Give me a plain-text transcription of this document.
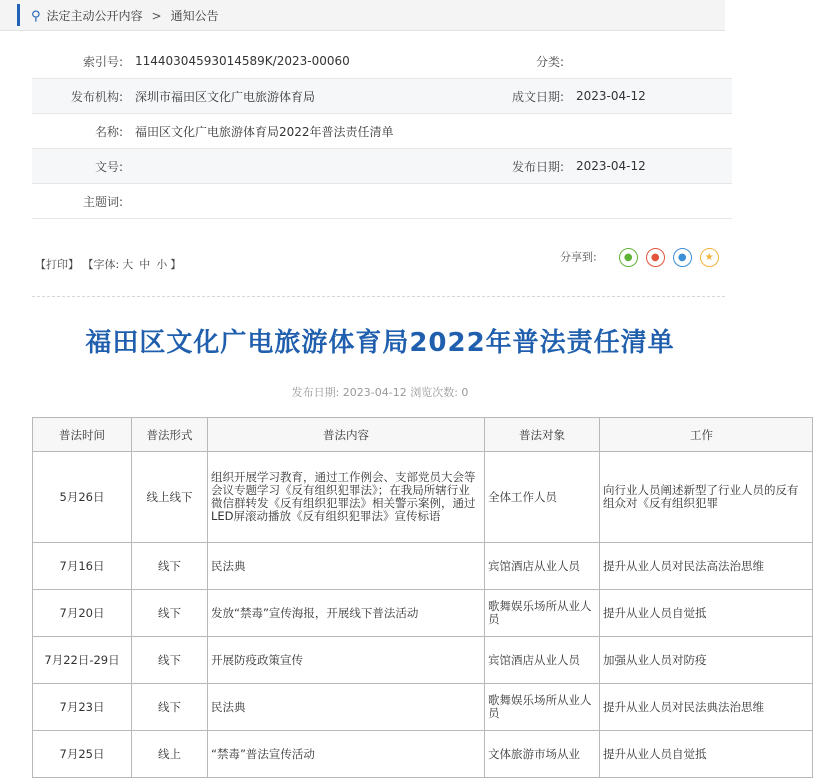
⚲ 法定主动公开内容 > 通知公告
索引号:	11440304593014589K/2023-00060	分类:	
发布机构:	深圳市福田区文化广电旅游体育局	成文日期:	2023-04-12
名称:	福田区文化广电旅游体育局2022年普法责任清单		
文号:		发布日期:	2023-04-12
主题词:			
【打印】 【字体: 大 中 小 】
分享到:	● ● ● ★
福田区文化广电旅游体育局2022年普法责任清单
发布日期: 2023-04-12 浏览次数: 0
普法时间	普法形式	普法内容	普法对象	工作
5月26日	线上线下	组织开展学习教育，通过工作例会、支部党员大会等会议专题学习《反有组织犯罪法》；在我局所辖行业微信群转发《反有组织犯罪法》相关警示案例，通过LED屏滚动播放《反有组织犯罪法》宣传标语	全体工作人员	向行业人员阐述新型了行业人员的反有组众对《反有组织犯罪
7月16日	线下	民法典	宾馆酒店从业人员	提升从业人员对民法高法治思维
7月20日	线下	发放“禁毒”宣传海报，开展线下普法活动	歌舞娱乐场所从业人员	提升从业人员自觉抵
7月22日-29日	线下	开展防疫政策宣传	宾馆酒店从业人员	加强从业人员对防疫
7月23日	线下	民法典	歌舞娱乐场所从业人员	提升从业人员对民法典法治思维
7月25日	线上	“禁毒”普法宣传活动	文体旅游市场从业	提升从业人员自觉抵
